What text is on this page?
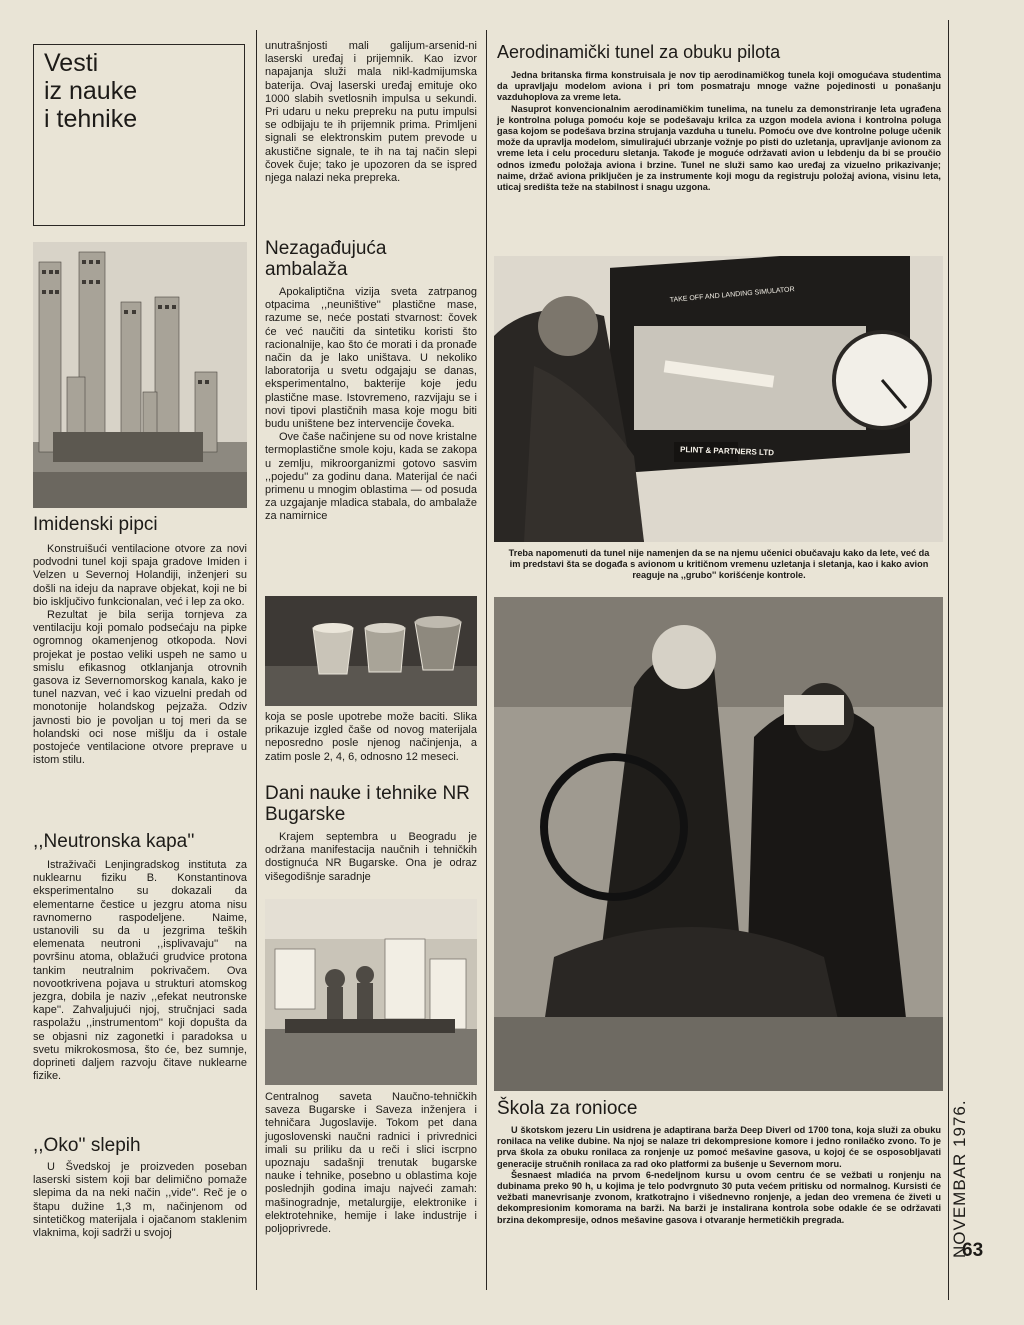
Vesti
iz nauke
i tehnike
Imidenski pipci

Konstruišući ventilacione otvore za novi podvodni tunel koji spaja gradove Imiden i Velzen u Severnoj Holandiji, inženjeri su došli na ideju da naprave objekat, koji ne bi bio isključivo funkcionalan, već i lep za oko.

Rezultat je bila serija tornjeva za ventilaciju koji pomalo podsećaju na pipke ogromnog okamenjenog otkopoda. Novi projekat je postao veliki uspeh ne samo u smislu efikasnog otklanjanja otrovnih gasova iz Severnomorskog kanala, kako je tunel nazvan, već i kao vizuelni predah od monotonije holandskog pejzaža. Odziv javnosti bio je povoljan u toj meri da se holandski oci nose mišlju da i ostale postojeće ventilacione otvore prepravе u istom stilu.

,,Neutronska kapa''

Istraživači Lenjingradskog instituta za nuklearnu fiziku B. Konstantinova eksperimentalno su dokazali da elementarne čestice u jezgru atoma nisu ravnomerno raspodeljene. Naime, ustanovili su da u jezgrima teških elemenata neutroni ,,isplivavaju'' na površinu atoma, oblažući grudvice protona tankim neutralnim pokrivačem. Ova novootkrivena pojava u strukturi atomskog jezgra, dobila je naziv ,,efekat neutronske kape''. Zahvaljujući njoj, stručnjaci sada raspolažu ,,instrumentom'' koji dopušta da se objasni niz zagonetki i paradoksa u svetu mikrokosmosa, što će, bez sumnje, doprineti daljem razvoju čitave nuklearne fizike.

,,Oko'' slepih

U Švedskoj je proizveden poseban laserski sistem koji bar delimično pomaže slepima da na neki način ,,vide''. Reč je o štapu dužine 1,3 m, načinjenom od sintetičkog materijala i ojačanom staklenim vlaknima, koji sadrži u svojoj

unutrašnjosti mali galijum-arsenid-ni laserski uređaj i prijemnik. Kao izvor napajanja služi mala nikl-kadmijumska baterija. Ovaj laserski uređaj emituje oko 1000 slabih svetlosnih impulsa u sekundi. Pri udaru u neku prepreku na putu impulsi se odbijaju te ih prijemnik prima. Primljeni signali se elektronskim putem prevode u akustične signale, te ih na taj način slepi čovek čuje; tako je upozoren da se ispred njega nalazi neka prepreka.

Nezagađujuća
ambalaža

Apokaliptična vizija sveta zatrpanog otpacima ,,neuništive'' plastične mase, razume se, neće postati stvarnost: čovek će već naučiti da sintetiku koristi što racionalnije, kao što će morati i da pronađe način da je lako uništava. U nekoliko laboratorija u svetu odgajaju se danas, eksperimentalno, bakterije koje jedu plastične mase. Istovremeno, razvijaju se i novi tipovi plastičnih masa koje mogu biti budu uništene bez intervencije čoveka.

Ove čaše načinjene su od nove kristalne termoplastične smole koju, kada se zakopa u zemlju, mikroorganizmi gotovo sasvim ,,pojedu'' za godinu dana. Materijal će naći primenu u mnogim oblastima — od posuda za uzgajanje mladica stabala, do ambalaže za namirnice

koja se posle upotrebe može baciti. Slika prikazuje izgled čaše od novog materijala neposredno posle njenog načinjenja, a zatim posle 2, 4, 6, odnosno 12 meseci.

Dani nauke i tehnike NR
Bugarske

Krajem septembra u Beogradu je održana manifestacija naučnih i tehničkih dostignuća NR Bugarske. Ona je odraz višegodišnje saradnje

Centralnog saveta Naučno-tehničkih saveza Bugarske i Saveza inženjera i tehničara Jugoslavije. Tokom pet dana jugoslovenski naučni radnici i privrednici imali su priliku da u reči i slici iscrpno upoznaju sadašnji trenutak bugarske nauke i tehnike, posebno u oblastima koje poslednjih godina imaju najveći zamah: mašinogradnje, metalurgije, elektronike i elektrotehnike, hemije i lake industrije i poljoprivrede.

Aerodinamički tunel za obuku pilota

Jedna britanska firma konstruisala je nov tip aerodinamičkog tunela koji omogućava studentima da upravljaju modelom aviona i pri tom posmatraju mnoge važne pojedinosti u ponašanju vazduhoplova za vreme leta.

Nasuprot konvencionalnim aerodinamičkim tunelima, na tunelu za demonstriranje leta ugrađena je kontrolna poluga pomoću koje se podešavaju krilca za uzgon modela aviona i kontrolna poluga gasa kojom se podešava brzina strujanja vazduha u tunelu. Pomoću ove dve kontrolne poluge učenik može da upravlja modelom, simulirajući ubrzanje vožnje po pisti do uzletanja, upravljanje avionom za vreme leta i celu proceduru sletanja. Takođe je moguće održavati avion u lebdenju da bi se proučio odnos između položaja aviona i brzine. Tunel ne služi samo kao uređaj za vizuelno prikazivanje; naime, držač aviona priključen je za instrumente koji mogu da registruju položaj aviona, visinu leta, uticaj središta teže na stabilnost i snagu uzgona.

TAKE OFF AND LANDING SIMULATOR
PLINT & PARTNERS LTD
Treba napomenuti da tunel nije namenjen da se na njemu učenici obučavaju kako da lete, već da im predstavi šta se događa s avionom u kritičnom vremenu uzletanja i sletanja, kao i kako avion reaguje na ,,grubo'' korišćenje kontrole.
Škola za ronioce

U škotskom jezeru Lin usidrena je adaptirana barža Deep Diverl od 1700 tona, koja služi za obuku ronilaca na velike dubine. Na njoj se nalaze tri dekompresione komore i jedno ronilačko zvono. To je prva škola za obuku ronilaca za ronjenje uz pomoć mešavine gasova, u kojoj će se osposobljavati generacije stručnih ronilaca za rad oko platformi za bušenje u Severnom moru.

Šesnaest mladića na prvom 6-nedeljnom kursu u ovom centru će se vežbati u ronjenju na dubinama preko 90 h, u kojima je telo podvrgnuto 30 puta većem pritisku od normalnog. Kursisti će vežbati manevrisanje zvonom, kratkotrajno i višednevno ronjenje, a jedan deo vremena će živeti u dekompresionim komorama na barži. Na barži je instalirana kontrola sobe odakle će se održavati brzina dekompresije, odnos mešavine gasova i otvaranje hermetičkih pregrada.	NOVEMBAR 1976.
63
